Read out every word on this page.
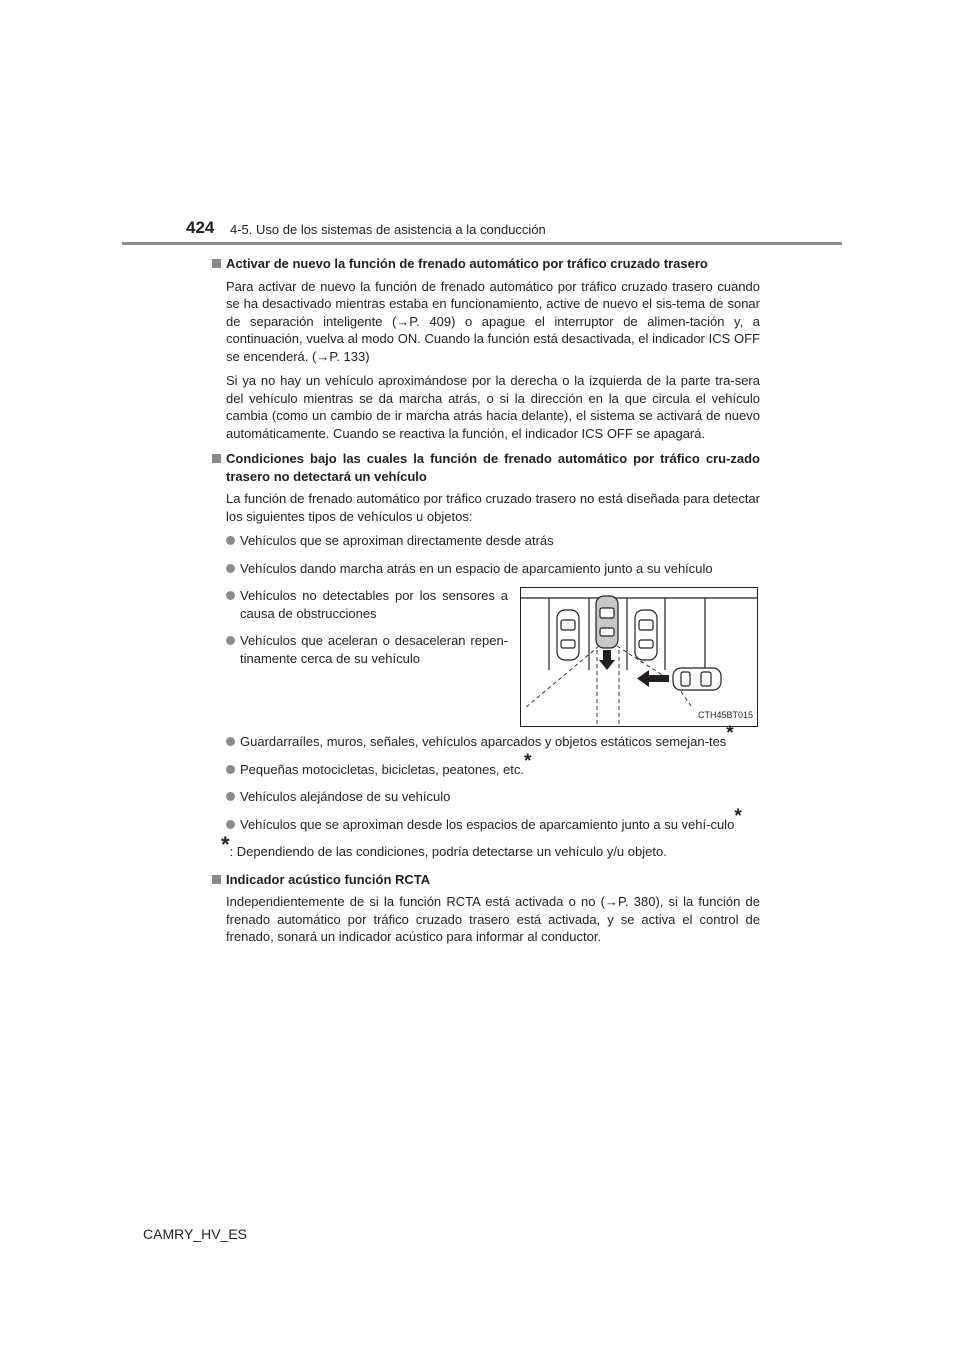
424 4-5. Uso de los sistemas de asistencia a la conducción
Activar de nuevo la función de frenado automático por tráfico cruzado trasero

Para activar de nuevo la función de frenado automático por tráfico cruzado trasero cuando se ha desactivado mientras estaba en funcionamiento, active de nuevo el sis-tema de sonar de separación inteligente (→P. 409) o apague el interruptor de alimen-tación y, a continuación, vuelva al modo ON. Cuando la función está desactivada, el indicador ICS OFF se encenderá. (→P. 133)

Si ya no hay un vehículo aproximándose por la derecha o la izquierda de la parte tra-sera del vehículo mientras se da marcha atrás, o si la dirección en la que circula el vehículo cambia (como un cambio de ir marcha atrás hacia delante), el sistema se activará de nuevo automáticamente. Cuando se reactiva la función, el indicador ICS OFF se apagará.

Condiciones bajo las cuales la función de frenado automático por tráfico cru-zado trasero no detectará un vehículo

La función de frenado automático por tráfico cruzado trasero no está diseñada para detectar los siguientes tipos de vehículos u objetos:

Vehículos que se aproximan directamente desde atrás
Vehículos dando marcha atrás en un espacio de aparcamiento junto a su vehículo
Vehículos no detectables por los sensores a causa de obstrucciones
Vehículos que aceleran o desaceleran repen-tinamente cerca de su vehículo
CTH45BT015
Guardarraíles, muros, señales, vehículos aparcados y objetos estáticos semejan-tes*
Pequeñas motocicletas, bicicletas, peatones, etc.*
Vehículos alejándose de su vehículo
Vehículos que se aproximan desde los espacios de aparcamiento junto a su vehí-culo*
*: Dependiendo de las condiciones, podría detectarse un vehículo y/u objeto.
Indicador acústico función RCTA

Independientemente de si la función RCTA está activada o no (→P. 380), si la función de frenado automático por tráfico cruzado trasero está activada, y se activa el control de frenado, sonará un indicador acústico para informar al conductor.

CAMRY_HV_ES
